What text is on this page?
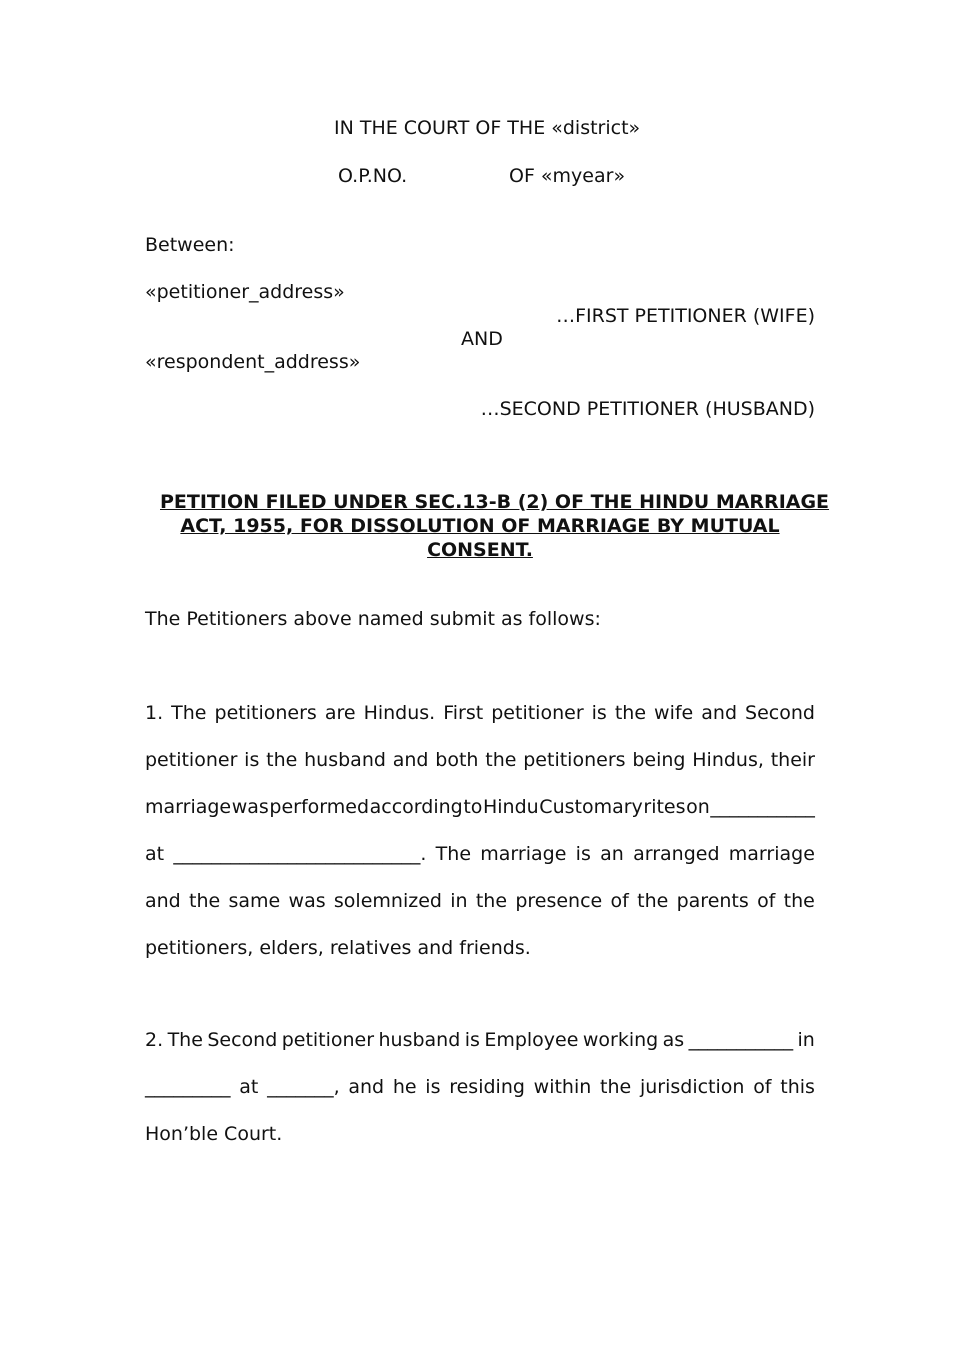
IN THE COURT OF THE «district»
O.P.NO.	OF «myear»
Between:
«petitioner_address»
…FIRST PETITIONER (WIFE)
AND
«respondent_address»
…SECOND PETITIONER (HUSBAND)
PETITION FILED UNDER SEC.13-B (2) OF THE HINDU MARRIAGE
ACT, 1955, FOR DISSOLUTION OF MARRIAGE BY MUTUAL
CONSENT.
The Petitioners above named submit as follows:
1. The petitioners are Hindus. First petitioner is the wife and Second
petitioner is the husband and both the petitioners being Hindus, their
marriage was performed according to Hindu Customary rites on ___________
at __________________________. The marriage is an arranged marriage
and the same was solemnized in the presence of the parents of the
petitioners, elders, relatives and friends.
2. The Second petitioner husband is Employee working as ___________ in
_________ at _______, and he is residing within the jurisdiction of this
Hon’ble Court.
